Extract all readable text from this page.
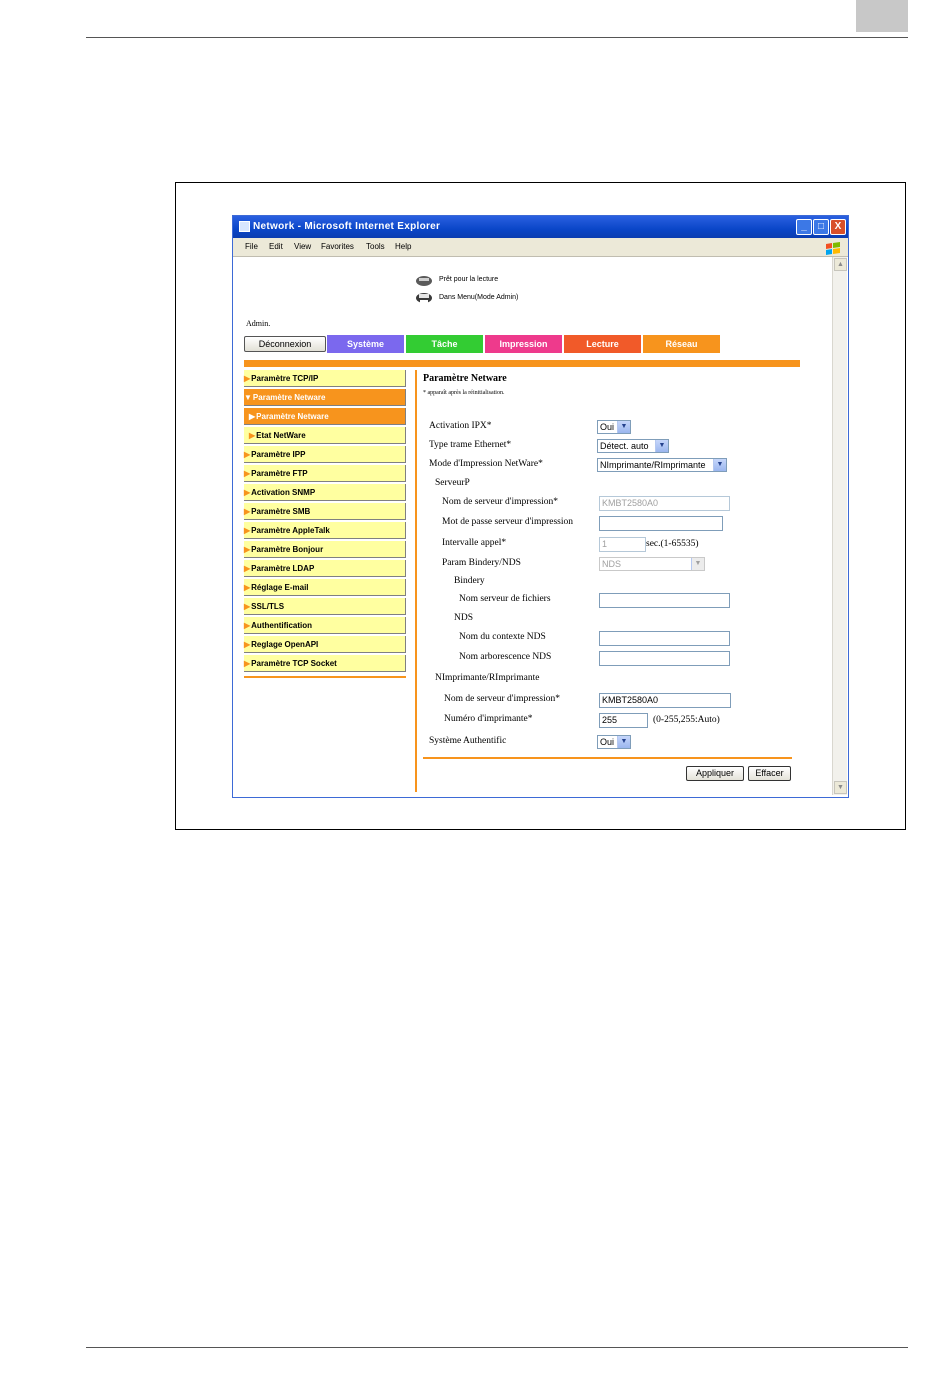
Network - Microsoft Internet Explorer	_	□	X
File Edit View Favorites Tools Help
Prêt pour la lecture
Dans Menu(Mode Admin)
Admin.
Déconnexion	Système	Tâche	Impression	Lecture	Réseau
▶Paramètre TCP/IP
▼Paramètre Netware
▶Paramètre Netware
▶Etat NetWare
▶Paramètre IPP
▶Paramètre FTP
▶Activation SNMP
▶Paramètre SMB
▶Paramètre AppleTalk
▶Paramètre Bonjour
▶Paramètre LDAP
▶Réglage E-mail
▶SSL/TLS
▶Authentification
▶Reglage OpenAPI
▶Paramètre TCP Socket
Paramètre Netware
* apparaît après la réinitialisation.
Activation IPX*	Oui ▼
Type trame Ethernet*	Détect. auto	▼
Mode d'Impression NetWare*	NImprimante/RImprimante	▼
ServeurP
Nom de serveur d'impression*	KMBT2580A0
Mot de passe serveur d'impression
Intervalle appel*	1	sec.(1-65535)
Param Bindery/NDS	NDS	▼
Bindery
Nom serveur de fichiers
NDS
Nom du contexte NDS
Nom arborescence NDS
NImprimante/RImprimante
Nom de serveur d'impression*	KMBT2580A0
Numéro d'imprimante*	255	(0-255,255:Auto)
Système Authentific	Oui ▼
Appliquer	Effacer
▲
▼
